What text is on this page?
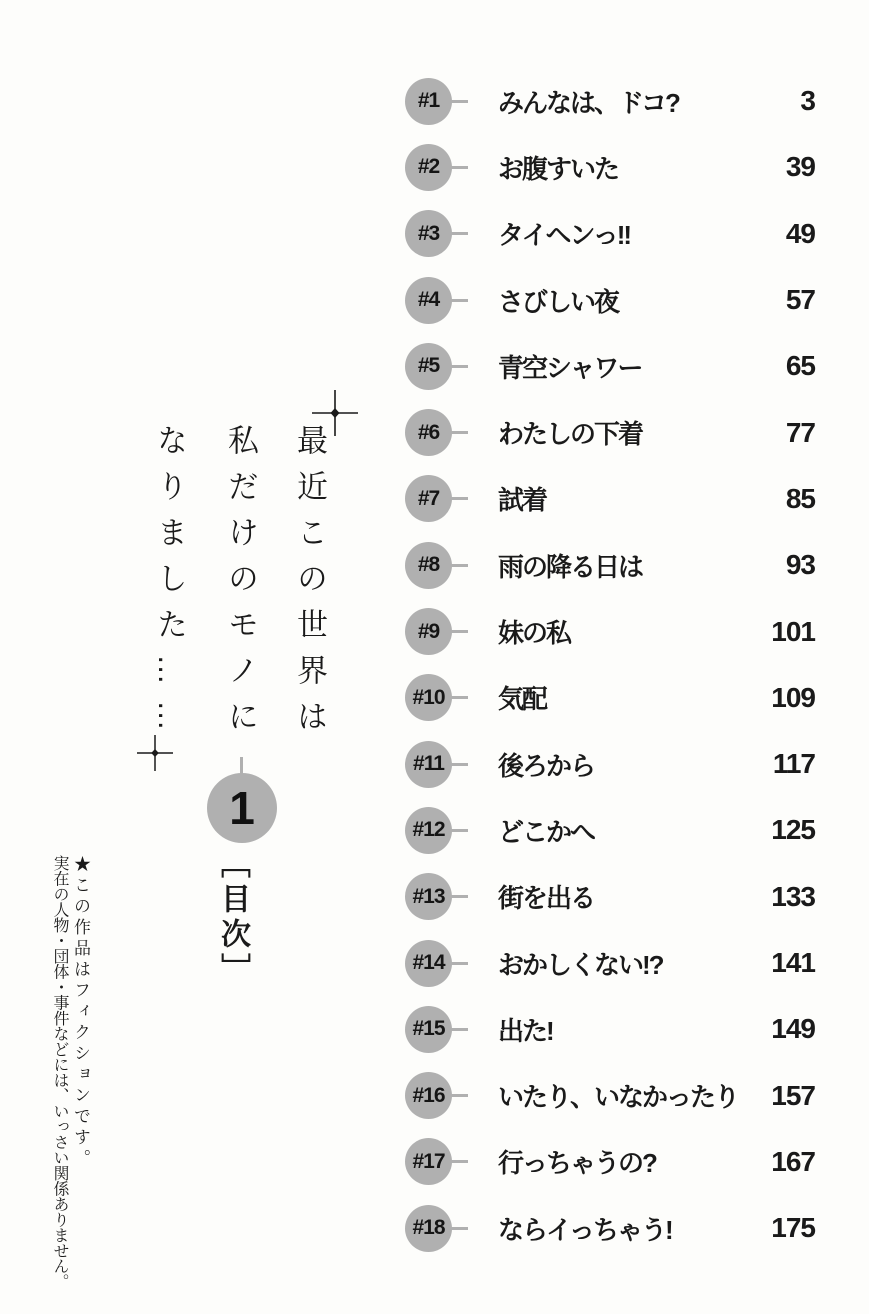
最近この世界は
私だけのモノに
なりました……
1
［目次］
★この作品はフィクションです。
実在の人物・団体・事件などには、いっさい関係ありません。
#1 みんなは、ドコ?	3
#2 お腹すいた	39
#3 タイヘンっ!!	49
#4 さびしい夜	57
#5 青空シャワー	65
#6 わたしの下着	77
#7 試着	85
#8 雨の降る日は	93
#9 妹の私	101
#10 気配	109
#11 後ろから	117
#12 どこかへ	125
#13 街を出る	133
#14 おかしくない!?	141
#15 出た!	149
#16 いたり、いなかったり 157
#17 行っちゃうの?	167
#18 ならイっちゃう!	175
